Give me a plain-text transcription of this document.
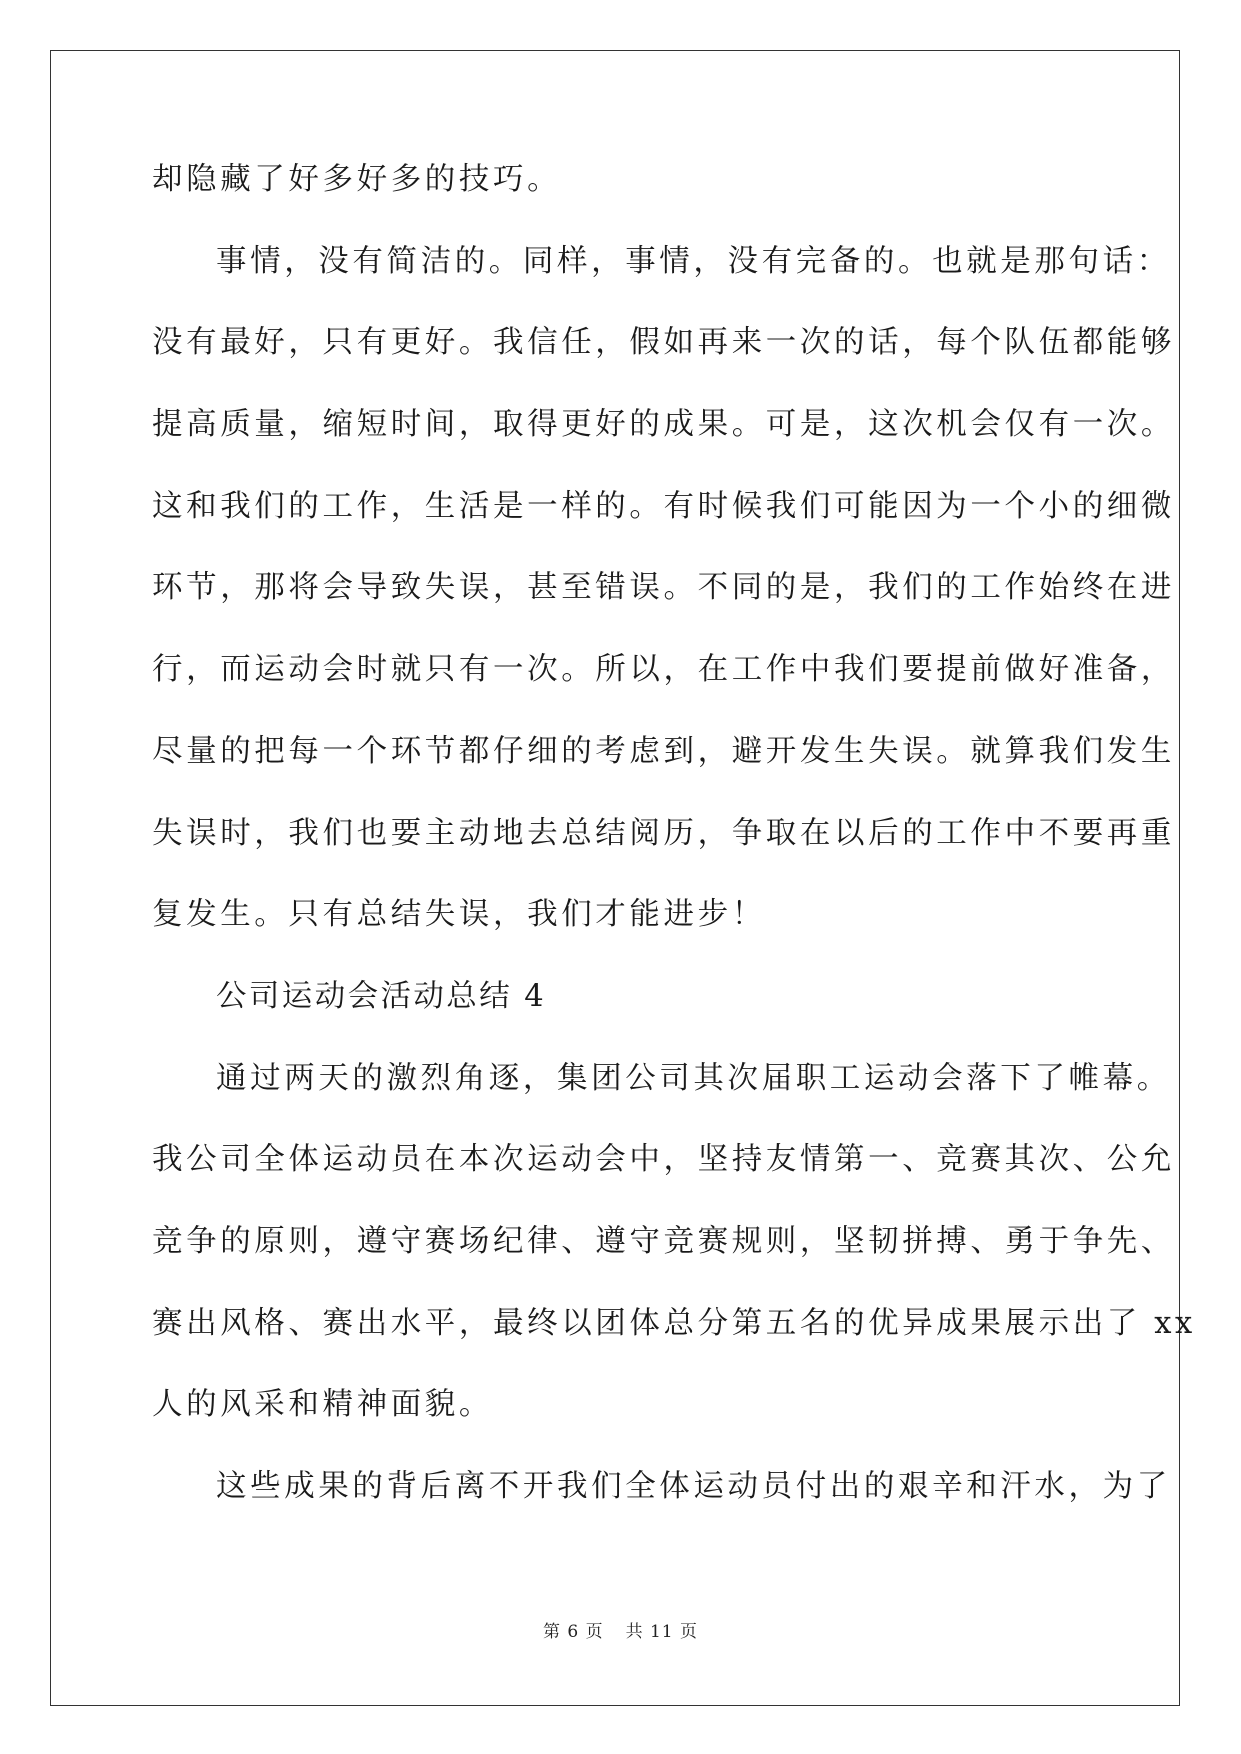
却隐藏了好多好多的技巧。
事情，没有简洁的。同样，事情，没有完备的。也就是那句话：
没有最好，只有更好。我信任，假如再来一次的话，每个队伍都能够
提高质量，缩短时间，取得更好的成果。可是，这次机会仅有一次。
这和我们的工作，生活是一样的。有时候我们可能因为一个小的细微
环节，那将会导致失误，甚至错误。不同的是，我们的工作始终在进
行，而运动会时就只有一次。所以，在工作中我们要提前做好准备，
尽量的把每一个环节都仔细的考虑到，避开发生失误。就算我们发生
失误时，我们也要主动地去总结阅历，争取在以后的工作中不要再重
复发生。只有总结失误，我们才能进步！
公司运动会活动总结 4
通过两天的激烈角逐，集团公司其次届职工运动会落下了帷幕。
我公司全体运动员在本次运动会中，坚持友情第一、竞赛其次、公允
竞争的原则，遵守赛场纪律、遵守竞赛规则，坚韧拼搏、勇于争先、
赛出风格、赛出水平，最终以团体总分第五名的优异成果展示出了 xx
人的风采和精神面貌。
这些成果的背后离不开我们全体运动员付出的艰辛和汗水，为了
第 6 页 共 11 页
